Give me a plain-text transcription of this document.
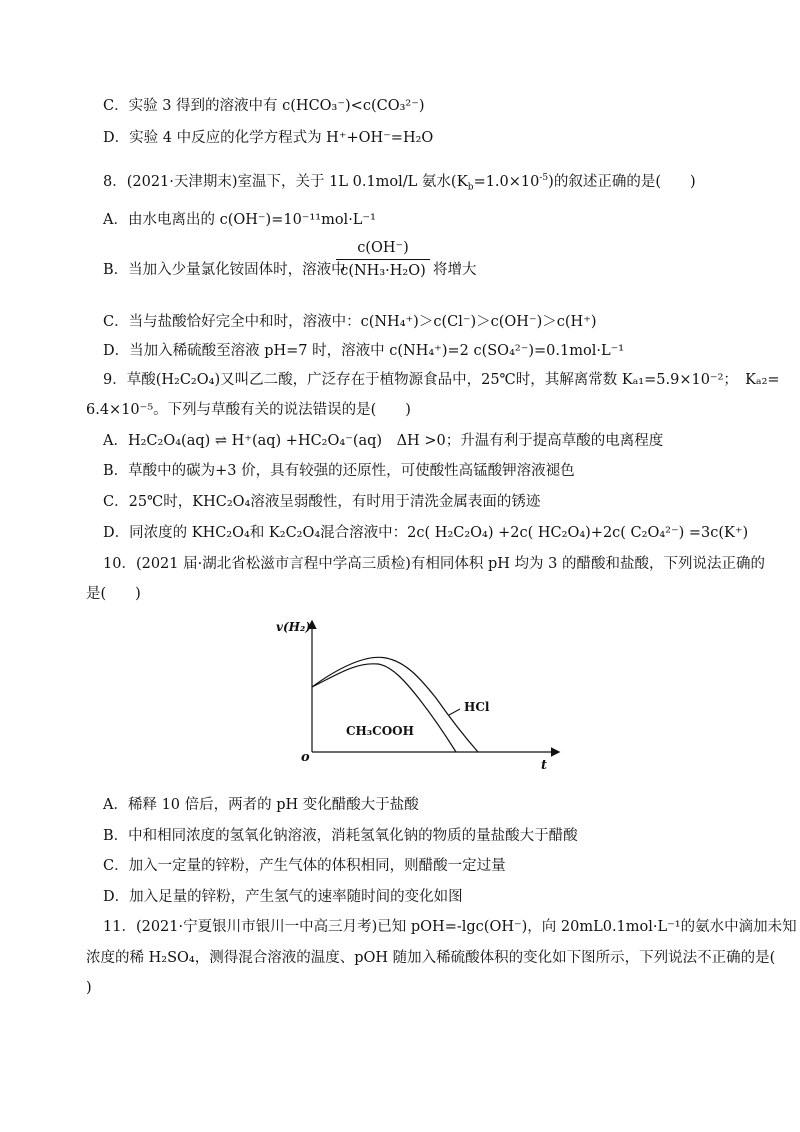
C．实验 3 得到的溶液中有 c(HCO₃⁻)<c(CO₃²⁻)
D．实验 4 中反应的化学方程式为 H⁺+OH⁻=H₂O
8．(2021·天津期末)室温下，关于 1L 0.1mol/L 氨水$(K_b=1.0\times 10^{-5})$的叙述正确的是(　　)
A．由水电离出的 c(OH⁻)=10⁻¹¹mol·L⁻¹
B．当加入少量氯化铵固体时，溶液中
c(OH⁻)
c(NH₃·H₂O) 将增大
C．当与盐酸恰好完全中和时，溶液中：c(NH₄⁺)＞c(Cl⁻)＞c(OH⁻)＞c(H⁺)
D．当加入稀硫酸至溶液 pH=7 时，溶液中 c(NH₄⁺)=2 c(SO₄²⁻)=0.1mol·L⁻¹
9．草酸(H₂C₂O₄)又叫乙二酸，广泛存在于植物源食品中，25℃时，其解离常数 Kₐ₁=5.9×10⁻²；　Kₐ₂=
6.4×10⁻⁵。下列与草酸有关的说法错误的是(　　)
A．H₂C₂O₄(aq) ⇌ H⁺(aq) +HC₂O₄⁻(aq)　ΔH >0；升温有利于提高草酸的电离程度
B．草酸中的碳为+3 价，具有较强的还原性，可使酸性高锰酸钾溶液褪色
C．25℃时，KHC₂O₄溶液呈弱酸性，有时用于清洗金属表面的锈迹
D．同浓度的 KHC₂O₄和 K₂C₂O₄混合溶液中：2c( H₂C₂O₄) +2c( HC₂O₄)+2c( C₂O₄²⁻) =3c(K⁺)
10．(2021 届·湖北省松滋市言程中学高三质检)有相同体积 pH 均为 3 的醋酸和盐酸，下列说法正确的
是(　　)
v(H₂)
t
o
HCl
CH₃COOH
A．稀释 10 倍后，两者的 pH 变化醋酸大于盐酸
B．中和相同浓度的氢氧化钠溶液，消耗氢氧化钠的物质的量盐酸大于醋酸
C．加入一定量的锌粉，产生气体的体积相同，则醋酸一定过量
D．加入足量的锌粉，产生氢气的速率随时间的变化如图
11．(2021·宁夏银川市银川一中高三月考)已知 pOH=-lgc(OH⁻)，向 20mL0.1mol·L⁻¹的氨水中滴加未知
浓度的稀 H₂SO₄，测得混合溶液的温度、pOH 随加入稀硫酸体积的变化如下图所示，下列说法不正确的是(
)
